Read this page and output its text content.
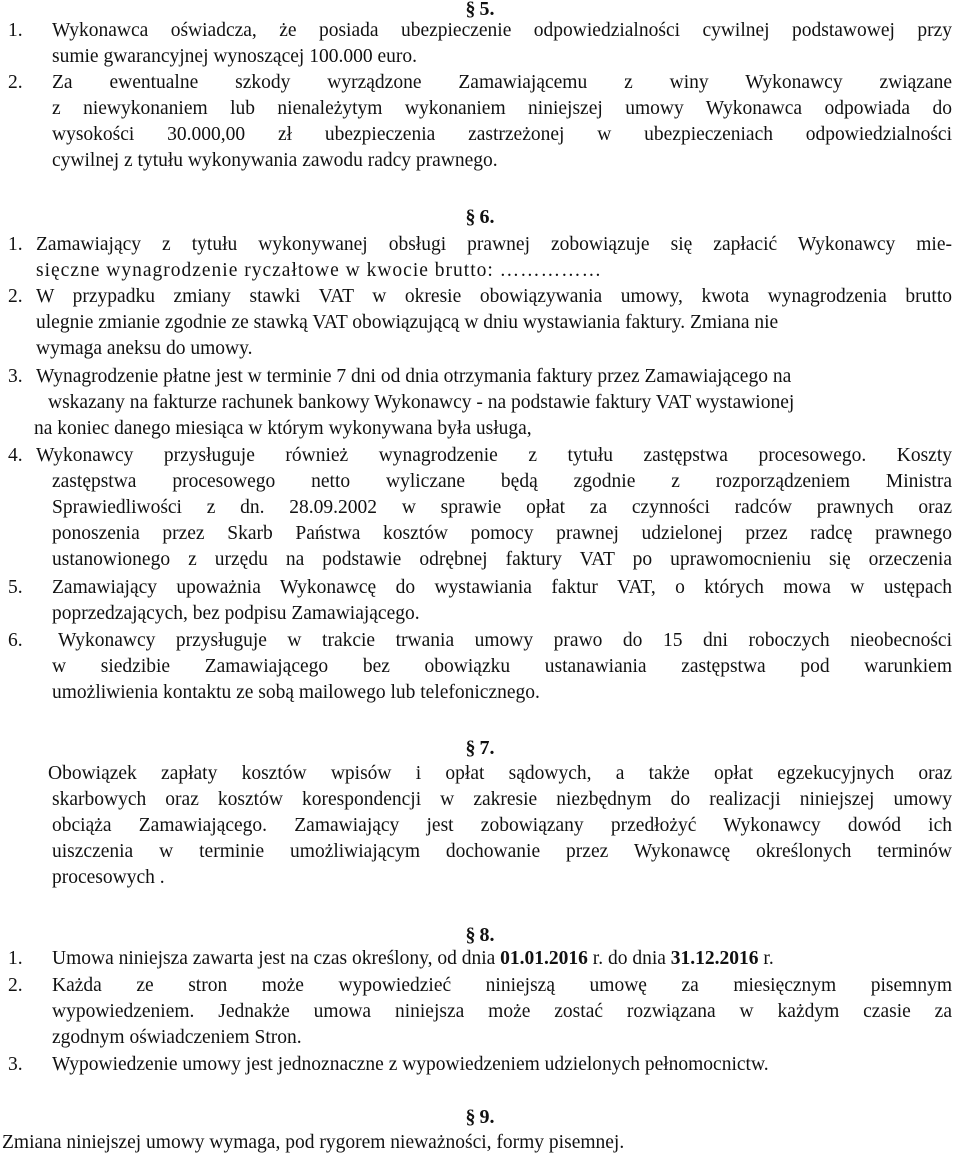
§ 5.
1. Wykonawca oświadcza, że posiada ubezpieczenie odpowiedzialności cywilnej podstawowej przy
sumie gwarancyjnej wynoszącej 100.000 euro.
2. Za ewentualne szkody wyrządzone Zamawiającemu z winy Wykonawcy związane
z niewykonaniem lub nienależytym wykonaniem niniejszej umowy Wykonawca odpowiada do
wysokości 30.000,00 zł ubezpieczenia zastrzeżonej w ubezpieczeniach odpowiedzialności
cywilnej z tytułu wykonywania zawodu radcy prawnego.
§ 6.
1. Zamawiający z tytułu wykonywanej obsługi prawnej zobowiązuje się zapłacić Wykonawcy mie-
sięczne wynagrodzenie ryczałtowe w kwocie brutto: ……………
2. W przypadku zmiany stawki VAT w okresie obowiązywania umowy, kwota wynagrodzenia brutto
ulegnie zmianie zgodnie ze stawką VAT obowiązującą w dniu wystawiania faktury. Zmiana nie
wymaga aneksu do umowy.
3. Wynagrodzenie płatne jest w terminie 7 dni od dnia otrzymania faktury przez Zamawiającego na
wskazany na fakturze rachunek bankowy Wykonawcy - na podstawie faktury VAT wystawionej
na koniec danego miesiąca w którym wykonywana była usługa,
4. Wykonawcy przysługuje również wynagrodzenie z tytułu zastępstwa procesowego. Koszty
zastępstwa procesowego netto wyliczane będą zgodnie z rozporządzeniem Ministra
Sprawiedliwości z dn. 28.09.2002 w sprawie opłat za czynności radców prawnych oraz
ponoszenia przez Skarb Państwa kosztów pomocy prawnej udzielonej przez radcę prawnego
ustanowionego z urzędu na podstawie odrębnej faktury VAT po uprawomocnieniu się orzeczenia
5. Zamawiający upoważnia Wykonawcę do wystawiania faktur VAT, o których mowa w ustępach
poprzedzających, bez podpisu Zamawiającego.
6. Wykonawcy przysługuje w trakcie trwania umowy prawo do 15 dni roboczych nieobecności
w siedzibie Zamawiającego bez obowiązku ustanawiania zastępstwa pod warunkiem
umożliwienia kontaktu ze sobą mailowego lub telefonicznego.
§ 7.
Obowiązek zapłaty kosztów wpisów i opłat sądowych, a także opłat egzekucyjnych oraz
skarbowych oraz kosztów korespondencji w zakresie niezbędnym do realizacji niniejszej umowy
obciąża Zamawiającego. Zamawiający jest zobowiązany przedłożyć Wykonawcy dowód ich
uiszczenia w terminie umożliwiającym dochowanie przez Wykonawcę określonych terminów
procesowych .
§ 8.
1. Umowa niniejsza zawarta jest na czas określony, od dnia 01.01.2016 r. do dnia 31.12.2016 r.
2. Każda ze stron może wypowiedzieć niniejszą umowę za miesięcznym pisemnym
wypowiedzeniem. Jednakże umowa niniejsza może zostać rozwiązana w każdym czasie za
zgodnym oświadczeniem Stron.
3. Wypowiedzenie umowy jest jednoznaczne z wypowiedzeniem udzielonych pełnomocnictw.
§ 9.
Zmiana niniejszej umowy wymaga, pod rygorem nieważności, formy pisemnej.
